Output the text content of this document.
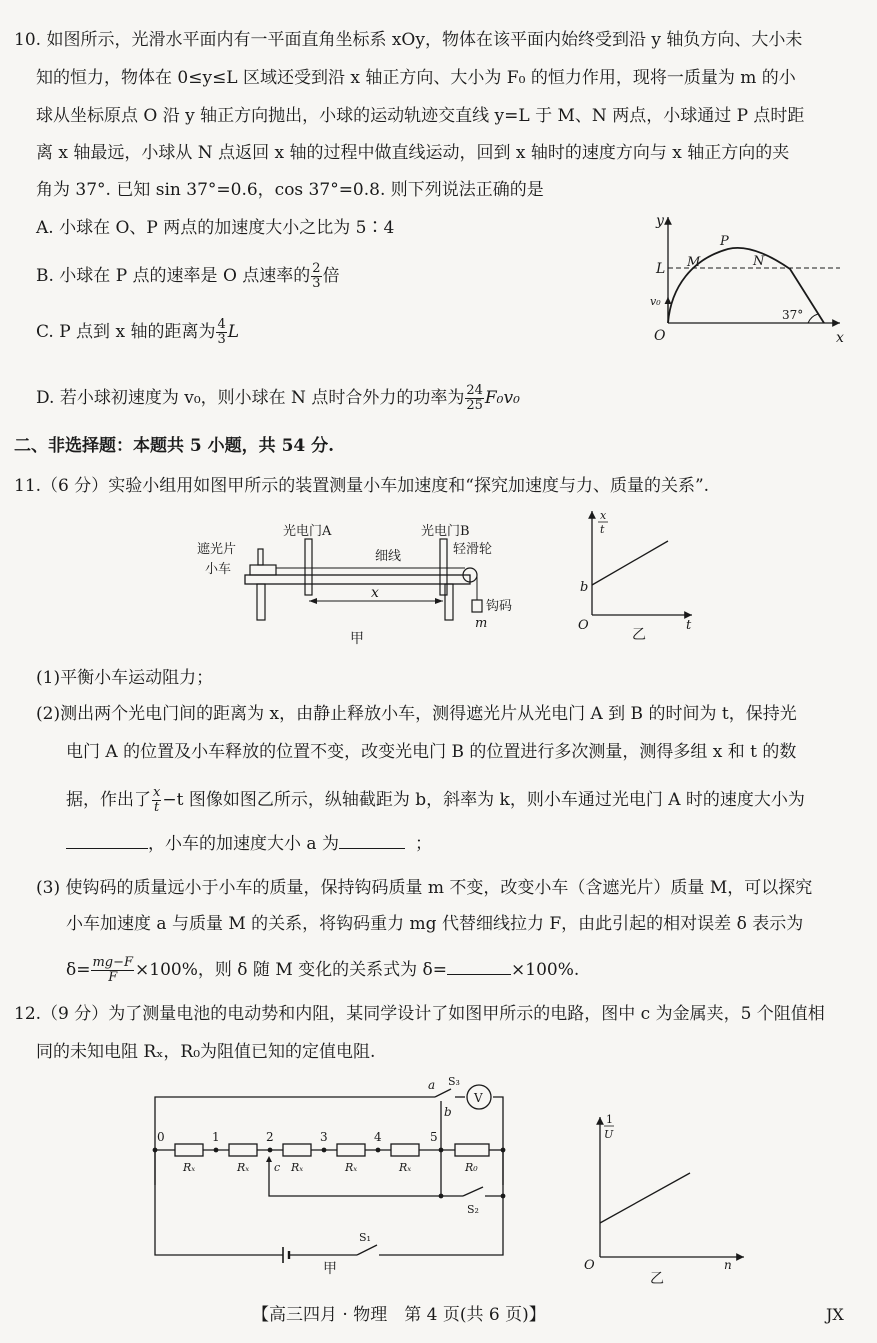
10. 如图所示，光滑水平面内有一平面直角坐标系 xOy，物体在该平面内始终受到沿 y 轴负方向、大小未
知的恒力，物体在 0≤y≤L 区域还受到沿 x 轴正方向、大小为 F₀ 的恒力作用，现将一质量为 m 的小
球从坐标原点 O 沿 y 轴正方向抛出，小球的运动轨迹交直线 y=L 于 M、N 两点，小球通过 P 点时距
离 x 轴最远，小球从 N 点返回 x 轴的过程中做直线运动，回到 x 轴时的速度方向与 x 轴正方向的夹
角为 37°. 已知 sin 37°=0.6，cos 37°=0.8. 则下列说法正确的是
A. 小球在 O、P 两点的加速度大小之比为 5∶4
B. 小球在 P 点的速率是 O 点速率的 $\frac{2}{3}$ 倍
C. P 点到 x 轴的距离为 $\frac{4}{3}$ L
D. 若小球初速度为 v₀，则小球在 N 点时合外力的功率为 $\frac{24}{25} F_0v_0$
y
x
O
L M
P
N
v₀
37°
二、非选择题：本题共 5 小题，共 54 分.
11.（6 分）实验小组用如图甲所示的装置测量小车加速度和“探究加速度与力、质量的关系”.
遮光片
小车
光电门A	光电门B
细线	轻滑轮
钩码
m
x
甲
x
t
b
O	t
乙
(1)平衡小车运动阻力；
(2)测出两个光电门间的距离为 x，由静止释放小车，测得遮光片从光电门 A 到 B 的时间为 t，保持光
电门 A 的位置及小车释放的位置不变，改变光电门 B 的位置进行多次测量，测得多组 x 和 t 的数
据，作出了 $\frac{x}{t} -t$ 图像如图乙所示，纵轴截距为 b，斜率为 k，则小车通过光电门 A 时的速度大小为
，小车的加速度大小 a 为	；
(3) 使钩码的质量远小于小车的质量，保持钩码质量 m 不变，改变小车（含遮光片）质量 M，可以探究
小车加速度 a 与质量 M 的关系，将钩码重力 mg 代替细线拉力 F，由此引起的相对误差 δ 表示为
$\delta= \frac{mg-F}{F} \times 100\%$，则 δ 随 M 变化的关系式为 δ=	×100%.
12.（9 分）为了测量电池的电动势和内阻，某同学设计了如图甲所示的电路，图中 c 为金属夹，5 个阻值相
同的未知电阻 Rₓ，R₀为阻值已知的定值电阻.
a
b
S₃
V
0	1	2	3	4	5
Rₓ	Rₓ	Rₓ	Rₓ	Rₓ	R₀
c
S₂
S₁
甲
1
U
O	n
乙
【高三四月 · 物理　第 4 页(共 6 页)】	JX
